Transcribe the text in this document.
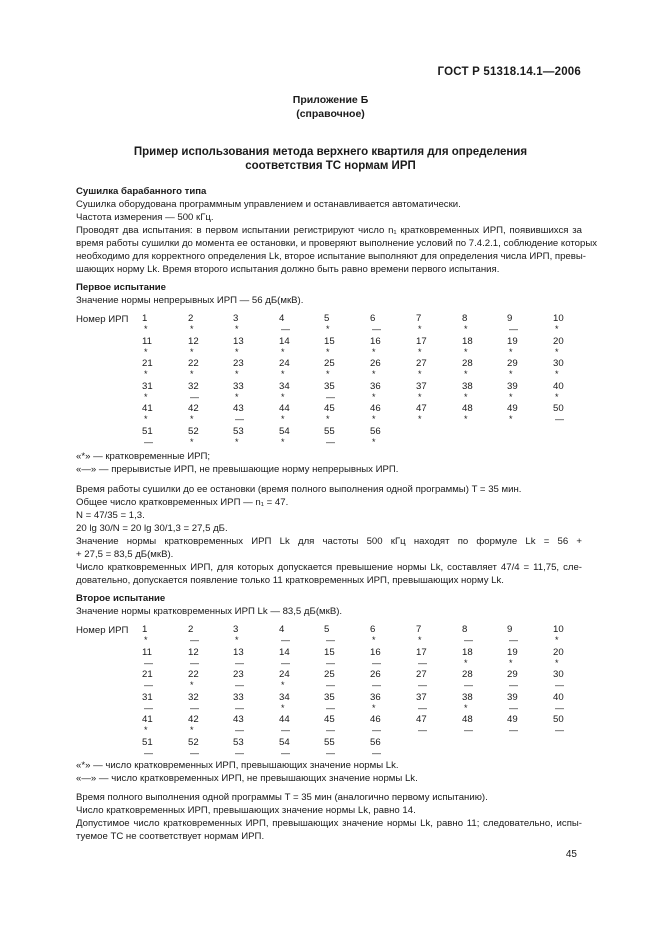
ГОСТ Р 51318.14.1—2006
Приложение Б
(справочное)
Пример использования метода верхнего квартиля для определения
соответствия ТС нормам ИРП
Сушилка барабанного типа
Сушилка оборудована программным управлением и останавливается автоматически.
Частота измерения — 500 кГц.
Проводят два испытания: в первом испытании регистрируют число n₁ кратковременных ИРП, появившихся за
время работы сушилки до момента ее остановки, и проверяют выполнение условий по 7.4.2.1, соблюдение которых
необходимо для корректного определения Lk, второе испытание выполняют для определения числа ИРП, превы-
шающих норму Lk. Время второго испытания должно быть равно времени первого испытания.
Первое испытание
Значение нормы непрерывных ИРП — 56 дБ(мкВ).
Номер ИРП 1
*
2
*
3
*
4
—
5
*
6
—
7
*
8
*
9
—
10
*
11
*
12
*
13
*
14
*
15
*
16
*
17
*
18
*
19
*
20
*
21
*
22
*
23
*
24
*
25
*
26
*
27
*
28
*
29
*
30
*
31
*
32
—
33
*
34
*
35
—
36
*
37
*
38
*
39
*
40
*
41
*
42
*
43
—
44
*
45
*
46
*
47
*
48
*
49
*
50
—
51
—
52
*
53
*
54
*
55
—
56
*
«*» — кратковременные ИРП;
«—» — прерывистые ИРП, не превышающие норму непрерывных ИРП.
Время работы сушилки до ее остановки (время полного выполнения одной программы) T = 35 мин.
Общее число кратковременных ИРП — n₁ = 47.
N = 47/35 = 1,3.
20 lg 30/N = 20 lg 30/1,3 = 27,5 дБ.
Значение нормы кратковременных ИРП Lk для частоты 500 кГц находят по формуле Lk = 56 +
+ 27,5 = 83,5 дБ(мкВ).
Число кратковременных ИРП, для которых допускается превышение нормы Lk, составляет 47/4 = 11,75, сле-
довательно, допускается появление только 11 кратковременных ИРП, превышающих норму Lk.
Второе испытание
Значение нормы кратковременных ИРП Lk — 83,5 дБ(мкВ).
Номер ИРП 1
*
2
—
3
*
4
—
5
—
6
*
7
*
8
—
9
—
10
*
11
—
12
—
13
—
14
—
15
—
16
—
17
—
18
*
19
*
20
*
21
—
22
*
23
—
24
*
25
—
26
—
27
—
28
—
29
—
30
—
31
—
32
—
33
—
34
*
35
—
36
*
37
—
38
*
39
—
40
—
41
*
42
*
43
—
44
—
45
—
46
—
47
—
48
—
49
—
50
—
51
—
52
—
53
—
54
—
55
—
56
—
«*» — число кратковременных ИРП, превышающих значение нормы Lk.
«—» — число кратковременных ИРП, не превышающих значение нормы Lk.
Время полного выполнения одной программы T = 35 мин (аналогично первому испытанию).
Число кратковременных ИРП, превышающих значение нормы Lk, равно 14.
Допустимое число кратковременных ИРП, превышающих значение нормы Lk, равно 11; следовательно, испы-
туемое ТС не соответствует нормам ИРП.
45
